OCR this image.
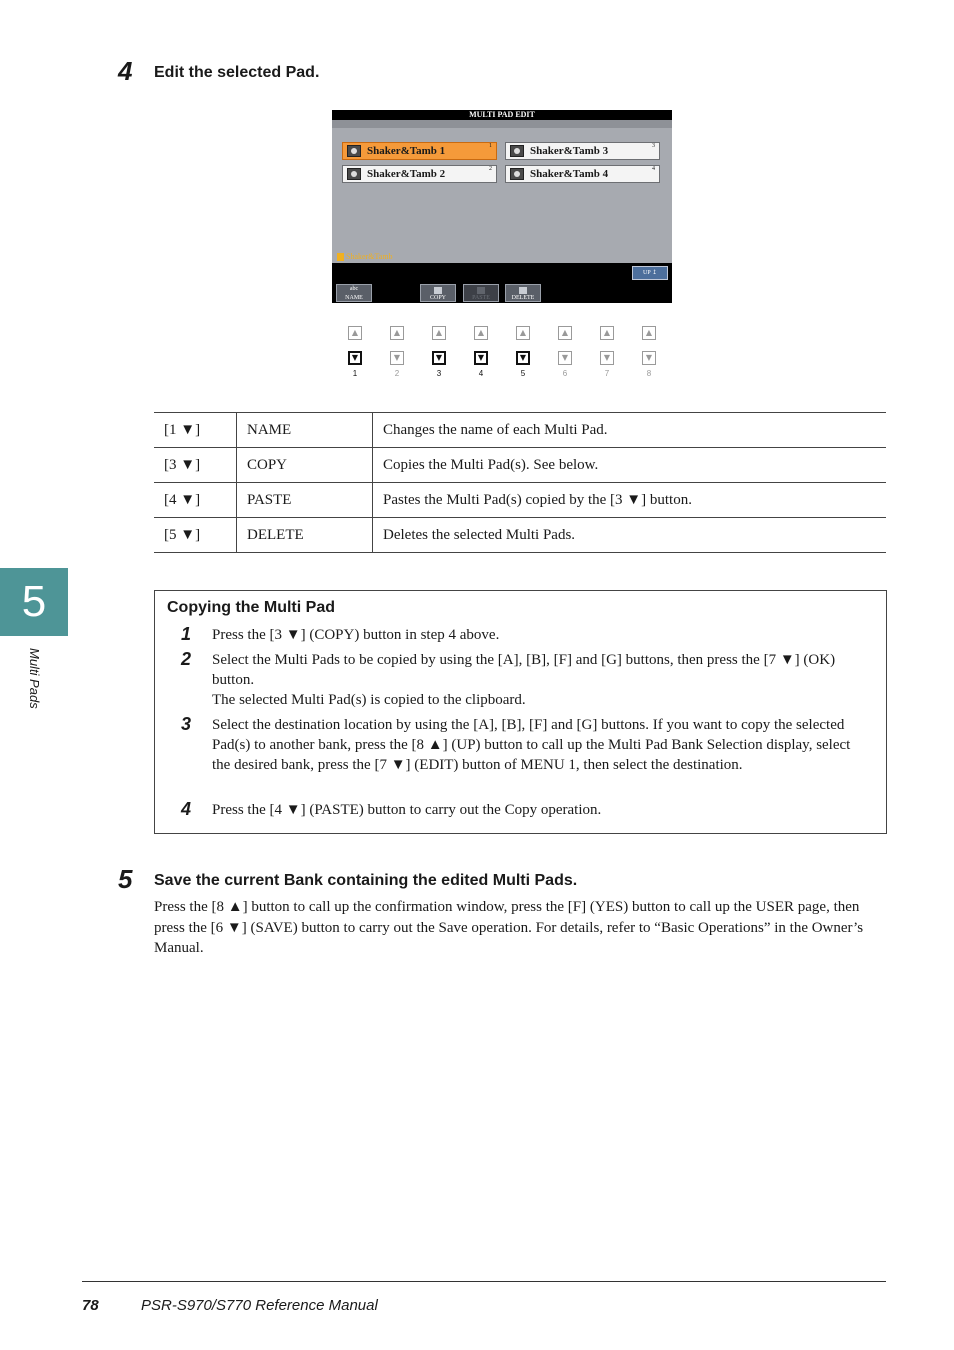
4 Edit the selected Pad.
MULTI PAD EDIT
Shaker&Tamb 1	1	Shaker&Tamb 3	3
Shaker&Tamb 2	2	Shaker&Tamb 4	4
Shaker&Tamb
UP ↥
abc
NAME	COPY	PASTE	DELETE
▲
▼
1
▲
▼
2
▲
▼
3
▲
▼
4
▲
▼
5
▲
▼
6
▲
▼
7
▲
▼
8
[1 ▼]	NAME	Changes the name of each Multi Pad.
[3 ▼]	COPY	Copies the Multi Pad(s). See below.
[4 ▼]	PASTE	Pastes the Multi Pad(s) copied by the [3 ▼] button.
[5 ▼]	DELETE	Deletes the selected Multi Pads.
5
Multi Pads
Copying the Multi Pad
1 Press the [3 ▼] (COPY) button in step 4 above.
2 Select the Multi Pads to be copied by using the [A], [B], [F] and [G] buttons, then press the [7 ▼] (OK) button.
The selected Multi Pad(s) is copied to the clipboard.
3 Select the destination location by using the [A], [B], [F] and [G] buttons. If you want to copy the selected Pad(s) to another bank, press the [8 ▲] (UP) button to call up the Multi Pad Bank Selection display, select the desired bank, press the [7 ▼] (EDIT) button of MENU 1, then select the destination.
4 Press the [4 ▼] (PASTE) button to carry out the Copy operation.
5 Save the current Bank containing the edited Multi Pads.
Press the [8 ▲] button to call up the confirmation window, press the [F] (YES) button to call up the USER page, then press the [6 ▼] (SAVE) button to carry out the Save operation. For details, refer to “Basic Operations” in the Owner’s Manual.
78	PSR-S970/S770 Reference Manual
